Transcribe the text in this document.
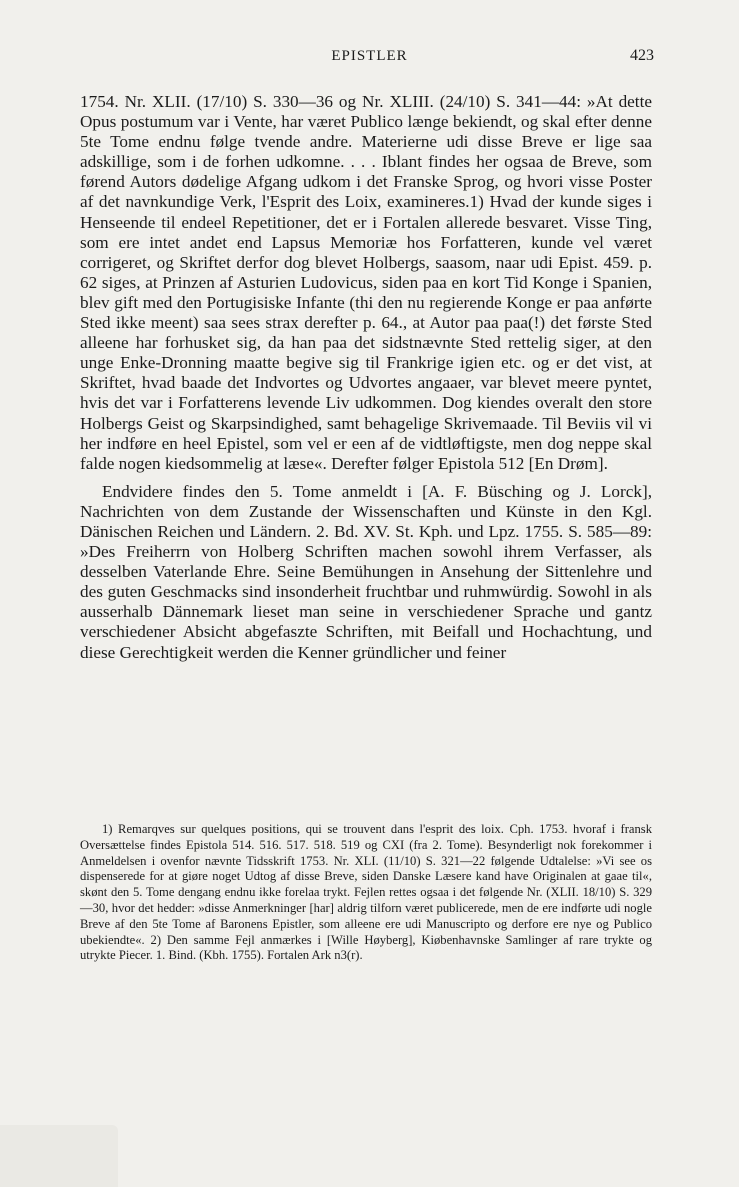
EPISTLER	423

1754. Nr. XLII. (17/10) S. 330—36 og Nr. XLIII. (24/10) S. 341—44: »At dette Opus postumum var i Vente, har været Publico længe bekiendt, og skal efter denne 5te Tome endnu følge tvende andre. Materierne udi disse Breve er lige saa adskillige, som i de forhen udkomne. . . . Iblant findes her ogsaa de Breve, som førend Autors dødelige Afgang udkom i det Franske Sprog, og hvori visse Poster af det navnkundige Verk, l'Esprit des Loix, examineres.1) Hvad der kunde siges i Henseende til endeel Repetitioner, det er i Fortalen allerede besvaret. Visse Ting, som ere intet andet end Lapsus Memoriæ hos Forfatteren, kunde vel været corrigeret, og Skriftet derfor dog blevet Holbergs, saasom, naar udi Epist. 459. p. 62 siges, at Prinzen af Asturien Ludovicus, siden paa en kort Tid Konge i Spanien, blev gift med den Portugisiske Infante (thi den nu regierende Konge er paa anførte Sted ikke meent) saa sees strax derefter p. 64., at Autor paa paa(!) det første Sted alleene har forhusket sig, da han paa det sidstnævnte Sted rettelig siger, at den unge Enke-Dronning maatte begive sig til Frankrige igien etc. og er det vist, at Skriftet, hvad baade det Indvortes og Udvortes angaaer, var blevet meere pyntet, hvis det var i Forfatterens levende Liv udkommen. Dog kiendes overalt den store Holbergs Geist og Skarpsindighed, samt behagelige Skrivemaade. Til Beviis vil vi her indføre en heel Epistel, som vel er een af de vidtløftigste, men dog neppe skal falde nogen kiedsommelig at læse«. Derefter følger Epistola 512 [En Drøm].

Endvidere findes den 5. Tome anmeldt i [A. F. Büsching og J. Lorck], Nachrichten von dem Zustande der Wissenschaften und Künste in den Kgl. Dänischen Reichen und Ländern. 2. Bd. XV. St. Kph. und Lpz. 1755. S. 585—89: »Des Freiherrn von Holberg Schriften machen sowohl ihrem Verfasser, als desselben Vaterlande Ehre. Seine Bemühungen in Ansehung der Sittenlehre und des guten Geschmacks sind insonderheit fruchtbar und ruhmwürdig. Sowohl in als ausserhalb Dännemark lieset man seine in verschiedener Sprache und gantz verschiedener Absicht abgefaszte Schriften, mit Beifall und Hochachtung, und diese Gerechtigkeit werden die Kenner gründlicher und feiner

1) Remarqves sur quelques positions, qui se trouvent dans l'esprit des loix. Cph. 1753. hvoraf i fransk Oversættelse findes Epistola 514. 516. 517. 518. 519 og CXI (fra 2. Tome). Besynderligt nok forekommer i Anmeldelsen i ovenfor nævnte Tidsskrift 1753. Nr. XLI. (11/10) S. 321—22 følgende Udtalelse: »Vi see os dispenserede for at giøre noget Udtog af disse Breve, siden Danske Læsere kand have Originalen at gaae til«, skønt den 5. Tome dengang endnu ikke forelaa trykt. Fejlen rettes ogsaa i det følgende Nr. (XLII. 18/10) S. 329—30, hvor det hedder: »disse Anmerkninger [har] aldrig tilforn været publicerede, men de ere indførte udi nogle Breve af den 5te Tome af Baronens Epistler, som alleene ere udi Manuscripto og derfore ere nye og Publico ubekiendte«. 2) Den samme Fejl anmærkes i [Wille Høyberg], Kiøbenhavnske Samlinger af rare trykte og utrykte Piecer. 1. Bind. (Kbh. 1755). Fortalen Ark n3(r).
